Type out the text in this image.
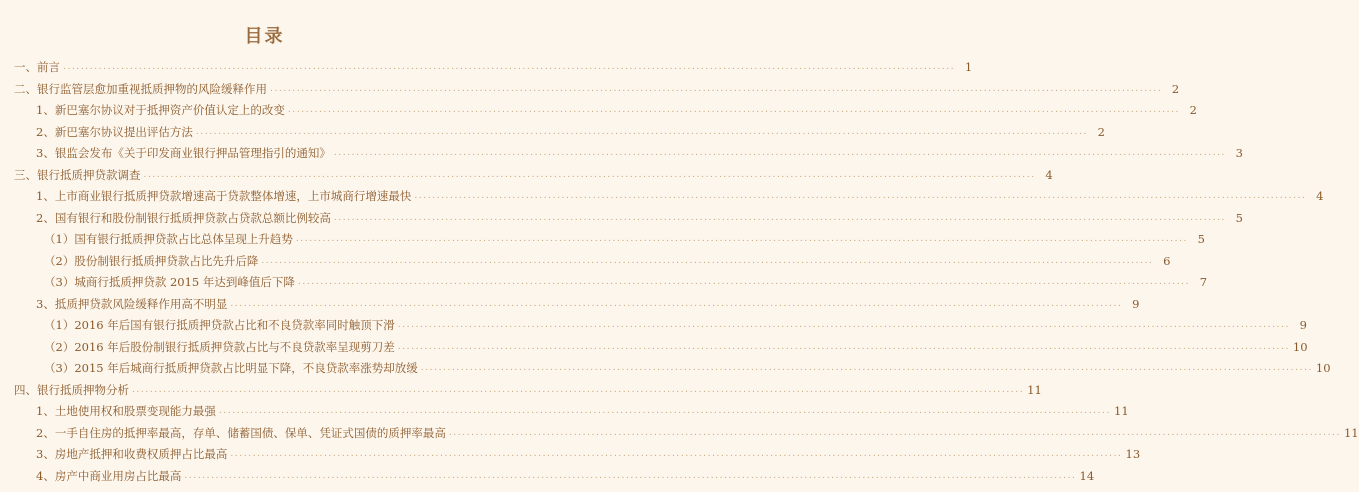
目录
一、前言 .....	1
二、银行监管层愈加重视抵质押物的风险缓释作用 .....	2
1、新巴塞尔协议对于抵押资产价值认定上的改变 .....	2
2、新巴塞尔协议提出评估方法 .....	2
3、银监会发布《关于印发商业银行押品管理指引的通知》 .....	3
三、银行抵质押贷款调查 .....	4
1、上市商业银行抵质押贷款增速高于贷款整体增速，上市城商行增速最快 .....	4
2、国有银行和股份制银行抵质押贷款占贷款总额比例较高 .....	5
（1）国有银行抵质押贷款占比总体呈现上升趋势 .....	5
（2）股份制银行抵质押贷款占比先升后降 .....	6
（3）城商行抵质押贷款 2015 年达到峰值后下降 .....	7
3、抵质押贷款风险缓释作用高不明显 .....	9
（1）2016 年后国有银行抵质押贷款占比和不良贷款率同时触顶下滑 .....	9
（2）2016 年后股份制银行抵质押贷款占比与不良贷款率呈现剪刀差 .....	10
（3）2015 年后城商行抵质押贷款占比明显下降，不良贷款率涨势却放缓 .....	10
四、银行抵质押物分析 .....	11
1、土地使用权和股票变现能力最强 .....	11
2、一手自住房的抵押率最高，存单、储蓄国债、保单、凭证式国债的质押率最高 .....	11
3、房地产抵押和收费权质押占比最高 .....	13
4、房产中商业用房占比最高 .....	14
